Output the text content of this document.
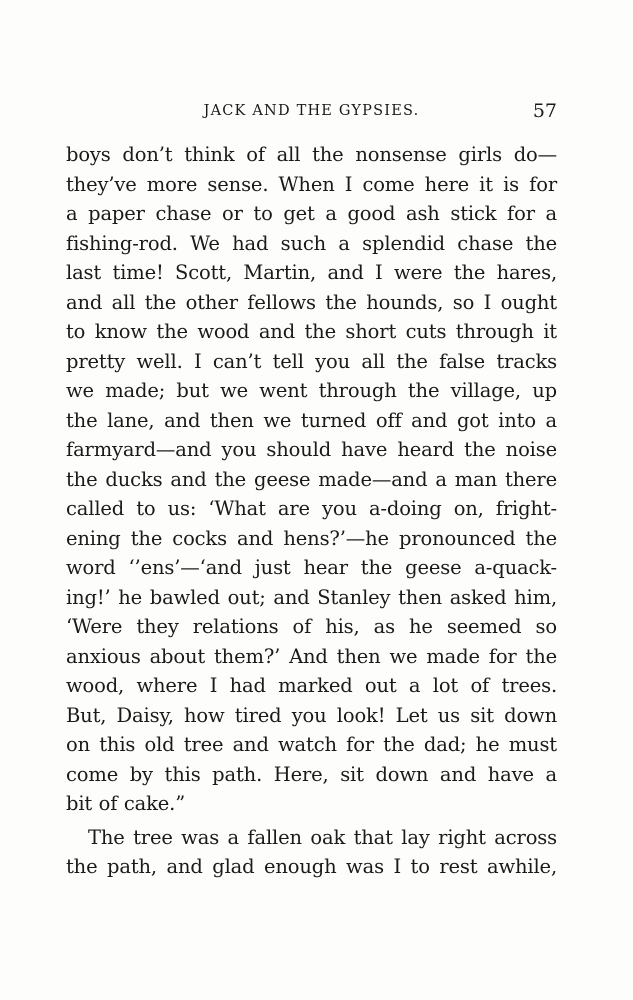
JACK AND THE GYPSIES.	57
boys don’t think of all the nonsense girls do—
they’ve more sense. When I come here it is for
a paper chase or to get a good ash stick for a
fishing-rod. We had such a splendid chase the
last time! Scott, Martin, and I were the hares,
and all the other fellows the hounds, so I ought
to know the wood and the short cuts through it
pretty well. I can’t tell you all the false tracks
we made; but we went through the village, up
the lane, and then we turned off and got into a
farmyard—and you should have heard the noise
the ducks and the geese made—and a man there
called to us: ‘What are you a-doing on, fright-
ening the cocks and hens?’—he pronounced the
word ‘’ens’—‘and just hear the geese a-quack-
ing!’ he bawled out; and Stanley then asked him,
‘Were they relations of his, as he seemed so
anxious about them?’ And then we made for the
wood, where I had marked out a lot of trees.
But, Daisy, how tired you look! Let us sit down
on this old tree and watch for the dad; he must
come by this path. Here, sit down and have a
bit of cake.”
The tree was a fallen oak that lay right across
the path, and glad enough was I to rest awhile,
